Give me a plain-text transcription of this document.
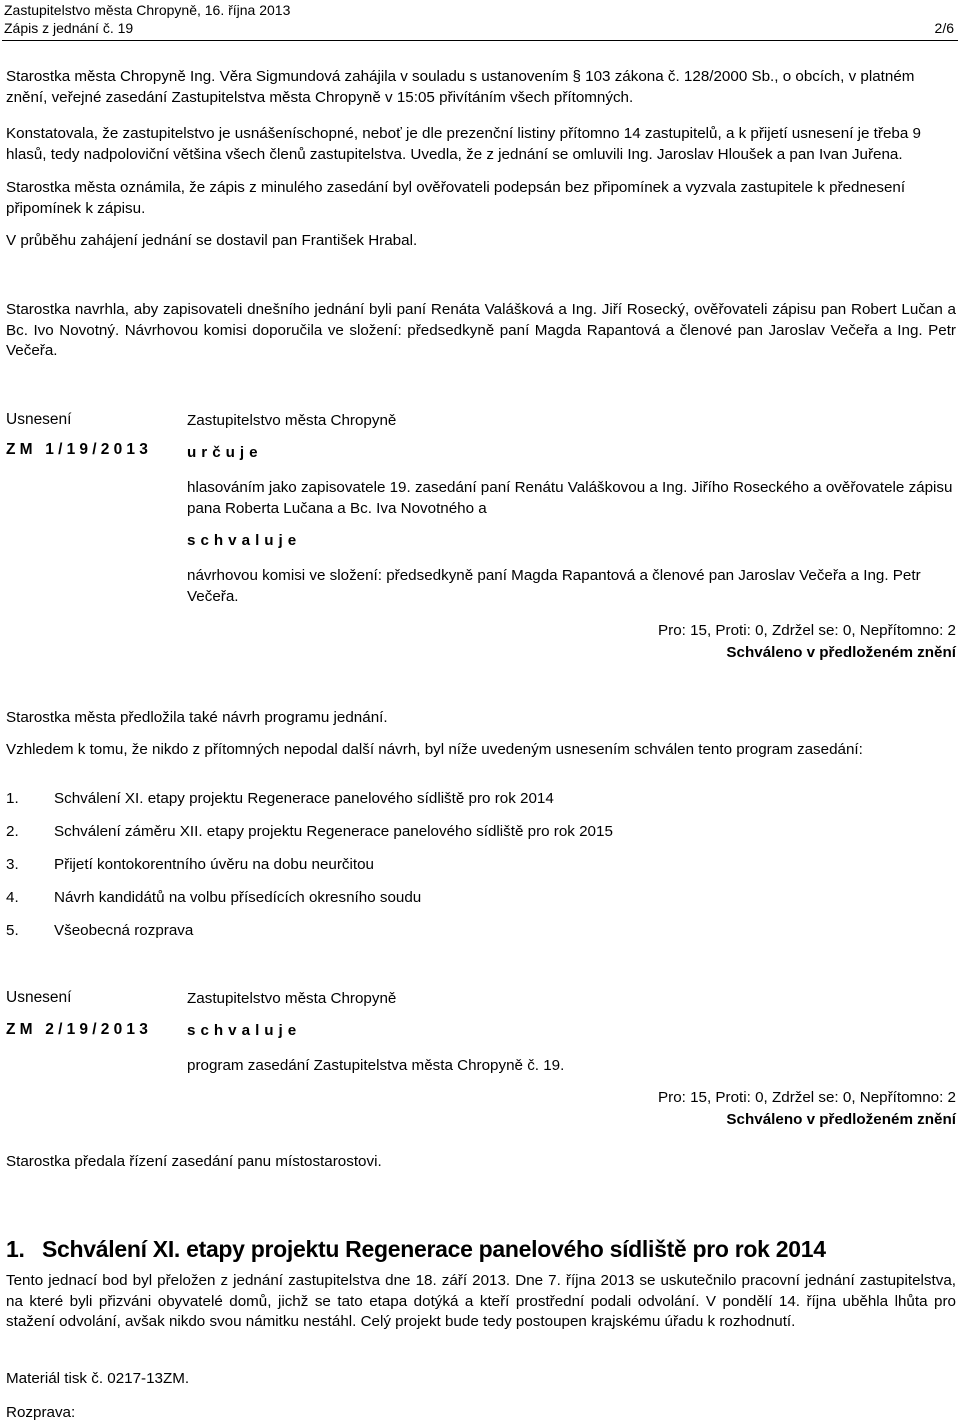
Zastupitelstvo města Chropyně, 16. října 2013
Zápis z jednání č. 19	2/6
Starostka města Chropyně Ing. Věra Sigmundová zahájila v souladu s ustanovením § 103 zákona č. 128/2000 Sb., o obcích, v platném znění, veřejné zasedání Zastupitelstva města Chropyně v 15:05 přivítáním všech přítomných.
Konstatovala, že zastupitelstvo je usnášeníschopné, neboť je dle prezenční listiny přítomno 14 zastupitelů, a k přijetí usnesení je třeba 9 hlasů, tedy nadpoloviční většina všech členů zastupitelstva. Uvedla, že z jednání se omluvili Ing. Jaroslav Hloušek a pan Ivan Juřena.
Starostka města oznámila, že zápis z minulého zasedání byl ověřovateli podepsán bez připomínek a vyzvala zastupitele k přednesení připomínek k zápisu.
V průběhu zahájení jednání se dostavil pan František Hrabal.
Starostka navrhla, aby zapisovateli dnešního jednání byli paní Renáta Valášková a Ing. Jiří Rosecký, ověřovateli zápisu pan Robert Lučan a Bc. Ivo Novotný. Návrhovou komisi doporučila ve složení: předsedkyně paní Magda Rapantová a členové pan Jaroslav Večeřa a Ing. Petr Večeřa.
Usnesení
ZM 1/19/2013
Zastupitelstvo města Chropyně
určuje
hlasováním jako zapisovatele 19. zasedání paní Renátu Valáškovou a Ing. Jiřího Roseckého a ověřovatele zápisu pana Roberta Lučana a Bc. Iva Novotného a
schvaluje
návrhovou komisi ve složení: předsedkyně paní Magda Rapantová a členové pan Jaroslav Večeřa a Ing. Petr Večeřa.
Pro: 15, Proti: 0, Zdržel se: 0, Nepřítomno: 2
Schváleno v předloženém znění
Starostka města předložila také návrh programu jednání.
Vzhledem k tomu, že nikdo z přítomných nepodal další návrh, byl níže uvedeným usnesením schválen tento program zasedání:
1. Schválení XI. etapy projektu Regenerace panelového sídliště pro rok 2014
2. Schválení záměru XII. etapy projektu Regenerace panelového sídliště pro rok 2015
3. Přijetí kontokorentního úvěru na dobu neurčitou
4. Návrh kandidátů na volbu přísedících okresního soudu
5. Všeobecná rozprava
Usnesení
ZM 2/19/2013
Zastupitelstvo města Chropyně
schvaluje
program zasedání Zastupitelstva města Chropyně č. 19.
Pro: 15, Proti: 0, Zdržel se: 0, Nepřítomno: 2
Schváleno v předloženém znění
Starostka předala řízení zasedání panu místostarostovi.
1. Schválení XI. etapy projektu Regenerace panelového sídliště pro rok 2014
Tento jednací bod byl přeložen z jednání zastupitelstva dne 18. září 2013. Dne 7. října 2013 se uskutečnilo pracovní jednání zastupitelstva, na které byli přizváni obyvatelé domů, jichž se tato etapa dotýká a kteří prostřední podali odvolání. V pondělí 14. října uběhla lhůta pro stažení odvolání, avšak nikdo svou námitku nestáhl. Celý projekt bude tedy postoupen krajskému úřadu k rozhodnutí.
Materiál tisk č. 0217-13ZM.
Rozprava:
